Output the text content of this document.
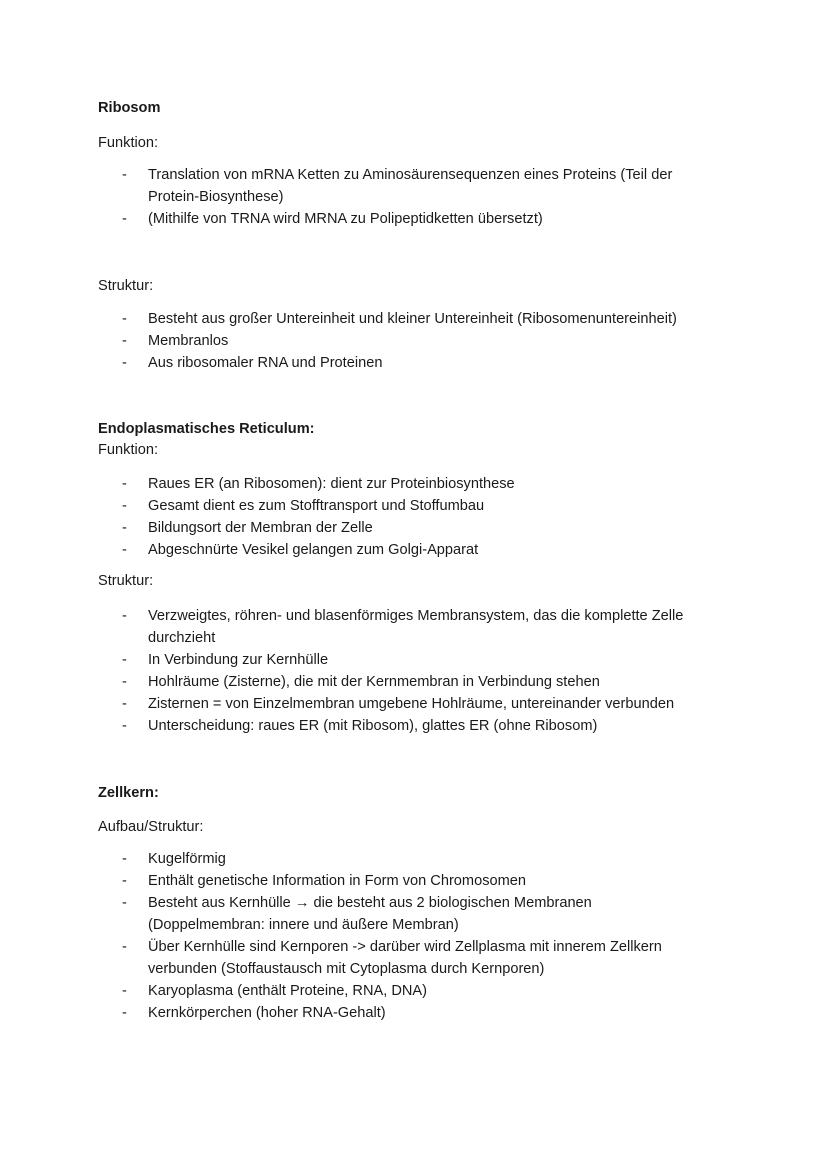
Ribosom

Funktion:

- Translation von mRNA Ketten zu Aminosäurensequenzen eines Proteins (Teil der
Protein-Biosynthese)
- (Mithilfe von TRNA wird MRNA zu Polipeptidketten übersetzt)

Struktur:

- Besteht aus großer Untereinheit und kleiner Untereinheit (Ribosomenuntereinheit)
- Membranlos
- Aus ribosomaler RNA und Proteinen
Endoplasmatisches Reticulum:

Funktion:

- Raues ER (an Ribosomen): dient zur Proteinbiosynthese
- Gesamt dient es zum Stofftransport und Stoffumbau
- Bildungsort der Membran der Zelle
- Abgeschnürte Vesikel gelangen zum Golgi-Apparat

Struktur:

- Verzweigtes, röhren- und blasenförmiges Membransystem, das die komplette Zelle
durchzieht
- In Verbindung zur Kernhülle
- Hohlräume (Zisterne), die mit der Kernmembran in Verbindung stehen
- Zisternen = von Einzelmembran umgebene Hohlräume, untereinander verbunden
- Unterscheidung: raues ER (mit Ribosom), glattes ER (ohne Ribosom)
Zellkern:

Aufbau/Struktur:

- Kugelförmig
- Enthält genetische Information in Form von Chromosomen
- Besteht aus Kernhülle → die besteht aus 2 biologischen Membranen
(Doppelmembran: innere und äußere Membran)
- Über Kernhülle sind Kernporen -> darüber wird Zellplasma mit innerem Zellkern
verbunden (Stoffaustausch mit Cytoplasma durch Kernporen)
- Karyoplasma (enthält Proteine, RNA, DNA)
- Kernkörperchen (hoher RNA-Gehalt)
